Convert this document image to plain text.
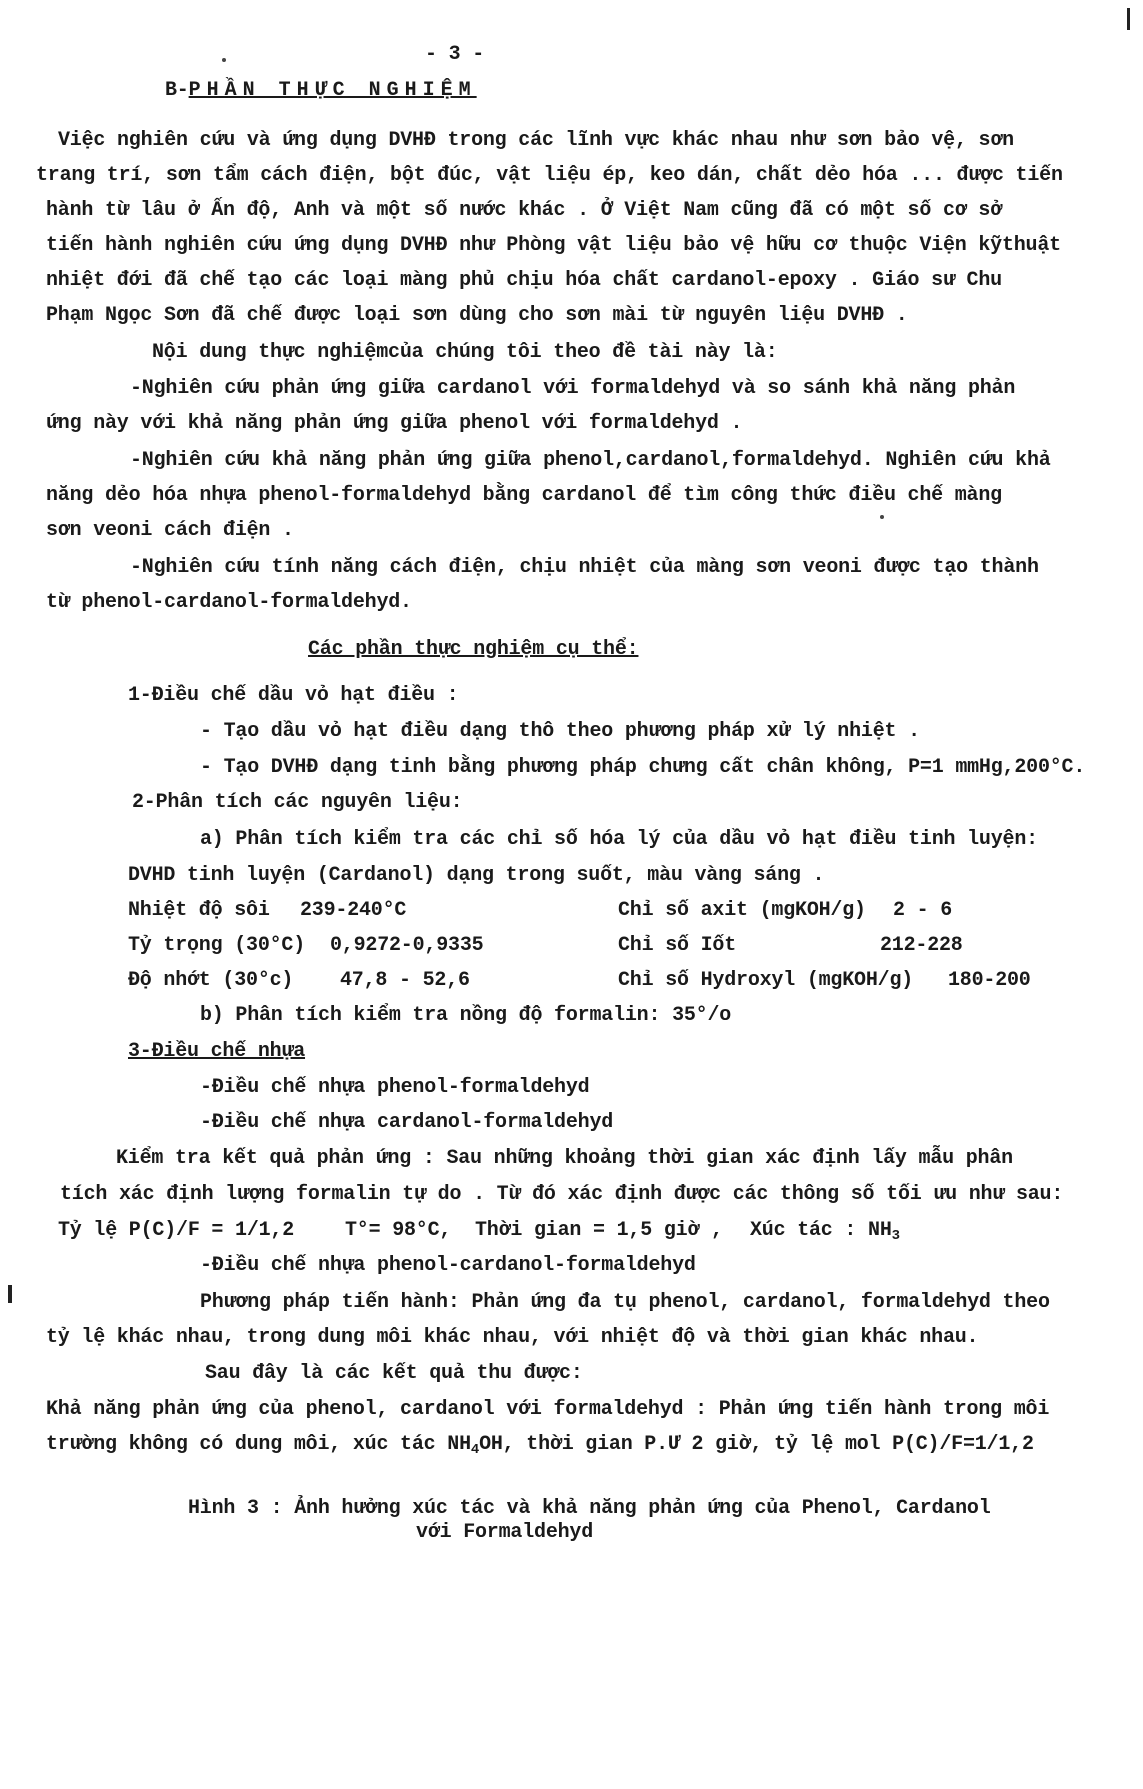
- 3 -
B-PHẦN THỰC NGHIỆM
Việc nghiên cứu và ứng dụng DVHĐ trong các lĩnh vực khác nhau như sơn bảo vệ, sơn
trang trí, sơn tẩm cách điện, bột đúc, vật liệu ép, keo dán, chất dẻo hóa ... được tiến
hành từ lâu ở Ấn độ, Anh và một số nước khác . Ở Việt Nam cũng đã có một số cơ sở
tiến hành nghiên cứu ứng dụng DVHĐ như Phòng vật liệu bảo vệ hữu cơ thuộc Viện kỹthuật
nhiệt đới đã chế tạo các loại màng phủ chịu hóa chất cardanol-epoxy . Giáo sư Chu
Phạm Ngọc Sơn đã chế được loại sơn dùng cho sơn mài từ nguyên liệu DVHĐ .
Nội dung thực nghiệmcủa chúng tôi theo đề tài này là:
-Nghiên cứu phản ứng giữa cardanol với formaldehyd và so sánh khả năng phản
ứng này với khả năng phản ứng giữa phenol với formaldehyd .
-Nghiên cứu khả năng phản ứng giữa phenol,cardanol,formaldehyd. Nghiên cứu khả
năng dẻo hóa nhựa phenol-formaldehyd bằng cardanol để tìm công thức điều chế màng
sơn veoni cách điện .
-Nghiên cứu tính năng cách điện, chịu nhiệt của màng sơn veoni được tạo thành
từ phenol-cardanol-formaldehyd.
Các phần thực nghiệm cụ thể:
1-Điều chế dầu vỏ hạt điều :
- Tạo dầu vỏ hạt điều dạng thô theo phương pháp xử lý nhiệt .
- Tạo DVHĐ dạng tinh bằng phương pháp chưng cất chân không, P=1 mmHg,200°C.
2-Phân tích các nguyên liệu:
a) Phân tích kiểm tra các chỉ số hóa lý của dầu vỏ hạt điều tinh luyện:
DVHD tinh luyện (Cardanol) dạng trong suốt, màu vàng sáng .
Nhiệt độ sôi 239-240°C
Tỷ trọng (30°C) 0,9272-0,9335
Độ nhớt (30°c) 47,8 - 52,6
Chỉ số axit (mgKOH/g) 2 - 6
Chỉ số Iốt	212-228
Chỉ số Hydroxyl (mgKOH/g) 180-200
b) Phân tích kiểm tra nồng độ formalin: 35°/o
3-Điều chế nhựa
-Điều chế nhựa phenol-formaldehyd
-Điều chế nhựa cardanol-formaldehyd
Kiểm tra kết quả phản ứng : Sau những khoảng thời gian xác định lấy mẫu phân
tích xác định lượng formalin tự do . Từ đó xác định được các thông số tối ưu như sau:
Tỷ lệ P(C)/F = 1/1,2	T°= 98°C, Thời gian = 1,5 giờ , Xúc tác : $NH_3$
-Điều chế nhựa phenol-cardanol-formaldehyd
Phương pháp tiến hành: Phản ứng đa tụ phenol, cardanol, formaldehyd theo
tỷ lệ khác nhau, trong dung môi khác nhau, với nhiệt độ và thời gian khác nhau.
Sau đây là các kết quả thu được:
Khả năng phản ứng của phenol, cardanol với formaldehyd : Phản ứng tiến hành trong môi
trường không có dung môi, xúc tác $NH_4OH$, thời gian P.Ư 2 giờ, tỷ lệ mol P(C)/F=1/1,2
Hình 3 : Ảnh hưởng xúc tác và khả năng phản ứng của Phenol, Cardanol
với Formaldehyd
